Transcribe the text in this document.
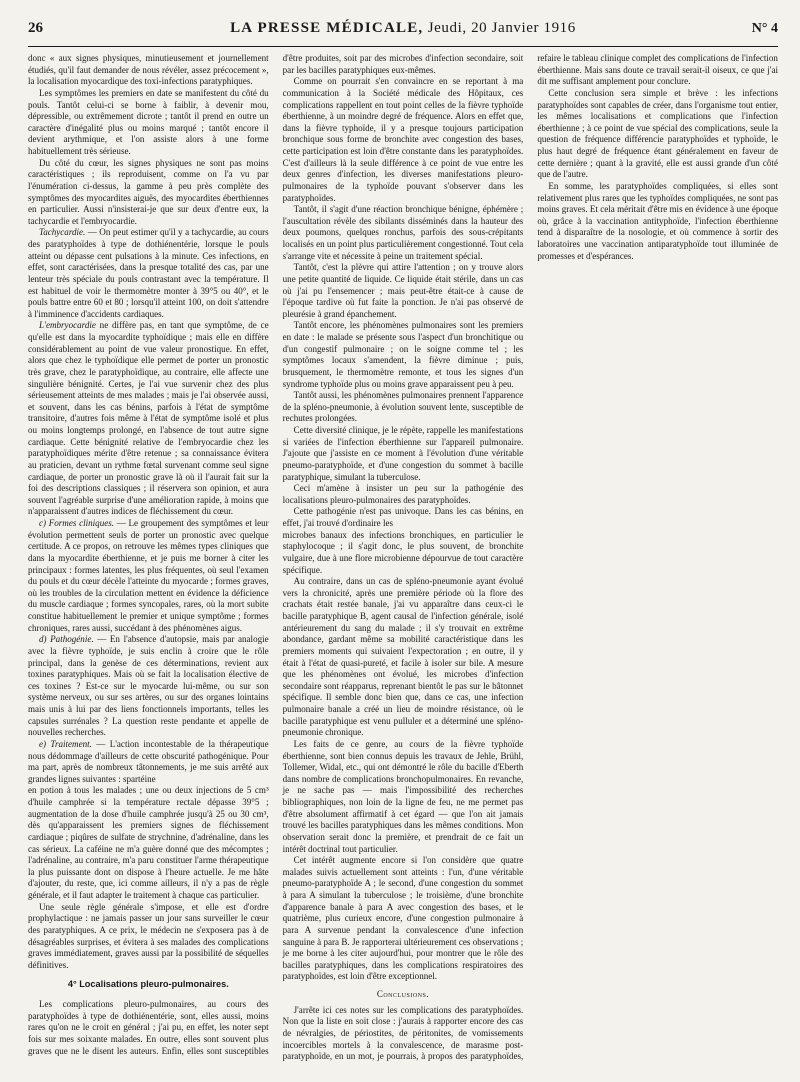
26	LA PRESSE MÉDICALE, Jeudi, 20 Janvier 1916	N° 4

donc « aux signes physiques, minutieusement et journellement étudiés, qu'il faut demander de nous révéler, assez précocement », la localisation myocardique des toxi-infections paratyphiques.

Les symptômes les premiers en date se manifestent du côté du pouls. Tantôt celui-ci se borne à faiblir, à devenir mou, dépressible, ou extrêmement dicrote ; tantôt il prend en outre un caractère d'inégalité plus ou moins marqué ; tantôt encore il devient arythmique, et l'on assiste alors à une forme habituellement très sérieuse.

Du côté du cœur, les signes physiques ne sont pas moins caractéristiques ; ils reproduisent, comme on l'a vu par l'énumération ci-dessus, la gamme à peu près complète des symptômes des myocardites aiguës, des myocardites éberthiennes en particulier. Aussi n'insisterai-je que sur deux d'entre eux, la tachycardie et l'embryocardie.

Tachycardie. — On peut estimer qu'il y a tachycardie, au cours des paratyphoïdes à type de dothiénentérie, lorsque le pouls atteint ou dépasse cent pulsations à la minute. Ces infections, en effet, sont caractérisées, dans la presque totalité des cas, par une lenteur très spéciale du pouls contrastant avec la température. Il est habituel de voir le thermomètre monter à 39°5 ou 40°, et le pouls battre entre 60 et 80 ; lorsqu'il atteint 100, on doit s'attendre à l'imminence d'accidents cardiaques.

L'embryocardie ne diffère pas, en tant que symptôme, de ce qu'elle est dans la myocardite typhoïdique ; mais elle en diffère considérablement au point de vue valeur pronostique. En effet, alors que chez le typhoïdique elle permet de porter un pronostic très grave, chez le paratyphoïdique, au contraire, elle affecte une singulière bénignité. Certes, je l'ai vue survenir chez des plus sérieusement atteints de mes malades ; mais je l'ai observée aussi, et souvent, dans les cas bénins, parfois à l'état de symptôme transitoire, d'autres fois même à l'état de symptôme isolé et plus ou moins longtemps prolongé, en l'absence de tout autre signe cardiaque. Cette bénignité relative de l'embryocardie chez les paratyphoïdiques mérite d'être retenue ; sa connaissance évitera au praticien, devant un rythme fœtal survenant comme seul signe cardiaque, de porter un pronostic grave là où il l'aurait fait sur la foi des descriptions classiques ; il réservera son opinion, et aura souvent l'agréable surprise d'une amélioration rapide, à moins que n'apparaissent d'autres indices de fléchissement du cœur.

c) Formes cliniques. — Le groupement des symptômes et leur évolution permettent seuls de porter un pronostic avec quelque certitude. A ce propos, on retrouve les mêmes types cliniques que dans la myocardite éberthienne, et je puis me borner à citer les principaux : formes latentes, les plus fréquentes, où seul l'examen du pouls et du cœur décèle l'atteinte du myocarde ; formes graves, où les troubles de la circulation mettent en évidence la déficience du muscle cardiaque ; formes syncopales, rares, où la mort subite constitue habituellement le premier et unique symptôme ; formes chroniques, rares aussi, succédant à des phénomènes aigus.

d) Pathogénie. — En l'absence d'autopsie, mais par analogie avec la fièvre typhoïde, je suis enclin à croire que le rôle principal, dans la genèse de ces déterminations, revient aux toxines paratyphiques. Mais où se fait la localisation élective de ces toxines ? Est-ce sur le myocarde lui-même, ou sur son système nerveux, ou sur ses artères, ou sur des organes lointains mais unis à lui par des liens fonctionnels importants, telles les capsules surrénales ? La question reste pendante et appelle de nouvelles recherches.

e) Traitement. — L'action incontestable de la thérapeutique nous dédommage d'ailleurs de cette obscurité pathogénique. Pour ma part, après de nombreux tâtonnements, je me suis arrêté aux grandes lignes suivantes : spartéine

en potion à tous les malades ; une ou deux injections de 5 cm³ d'huile camphrée si la température rectale dépasse 39°5 ; augmentation de la dose d'huile camphrée jusqu'à 25 ou 30 cm³, dès qu'apparaissent les premiers signes de fléchissement cardiaque ; piqûres de sulfate de strychnine, d'adrénaline, dans les cas sérieux. La caféine ne m'a guère donné que des mécomptes ; l'adrénaline, au contraire, m'a paru constituer l'arme thérapeutique la plus puissante dont on dispose à l'heure actuelle. Je me hâte d'ajouter, du reste, que, ici comme ailleurs, il n'y a pas de règle générale, et il faut adapter le traitement à chaque cas particulier.

Une seule règle générale s'impose, et elle est d'ordre prophylactique : ne jamais passer un jour sans surveiller le cœur des paratyphiques. A ce prix, le médecin ne s'exposera pas à de désagréables surprises, et évitera à ses malades des complications graves immédiatement, graves aussi par la possibilité de séquelles définitives.

4° Localisations pleuro-pulmonaires.

Les complications pleuro-pulmonaires, au cours des paratyphoïdes à type de dothiénentérie, sont, elles aussi, moins rares qu'on ne le croit en général ; j'ai pu, en effet, les noter sept fois sur mes soixante malades. En outre, elles sont souvent plus graves que ne le disent les auteurs. Enfin, elles sont susceptibles d'être produites, soit par des microbes d'infection secondaire, soit par les bacilles paratyphiques eux-mêmes.

Comme on pourrait s'en convaincre en se reportant à ma communication à la Société médicale des Hôpitaux, ces complications rappellent en tout point celles de la fièvre typhoïde éberthienne, à un moindre degré de fréquence. Alors en effet que, dans la fièvre typhoïde, il y a presque toujours participation bronchique sous forme de bronchite avec congestion des bases, cette participation est loin d'être constante dans les paratyphoïdes. C'est d'ailleurs là la seule différence à ce point de vue entre les deux genres d'infection, les diverses manifestations pleuro-pulmonaires de la typhoïde pouvant s'observer dans les paratyphoïdes.

Tantôt, il s'agit d'une réaction bronchique bénigne, éphémère ; l'auscultation révèle des sibilants disséminés dans la hauteur des deux poumons, quelques ronchus, parfois des sous-crépitants localisés en un point plus particulièrement congestionné. Tout cela s'arrange vite et nécessite à peine un traitement spécial.

Tantôt, c'est la plèvre qui attire l'attention ; on y trouve alors une petite quantité de liquide. Ce liquide était stérile, dans un cas où j'ai pu l'ensemencer ; mais peut-être était-ce à cause de l'époque tardive où fut faite la ponction. Je n'ai pas observé de pleurésie à grand épanchement.

Tantôt encore, les phénomènes pulmonaires sont les premiers en date : le malade se présente sous l'aspect d'un bronchitique ou d'un congestif pulmonaire ; on le soigne comme tel ; les symptômes locaux s'amendent, la fièvre diminue ; puis, brusquement, le thermomètre remonte, et tous les signes d'un syndrome typhoïde plus ou moins grave apparaissent peu à peu.

Tantôt aussi, les phénomènes pulmonaires prennent l'apparence de la spléno-pneumonie, à évolution souvent lente, susceptible de rechutes prolongées.

Cette diversité clinique, je le répète, rappelle les manifestations si variées de l'infection éberthienne sur l'appareil pulmonaire. J'ajoute que j'assiste en ce moment à l'évolution d'une véritable pneumo-paratyphoïde, et d'une congestion du sommet à bacille paratyphique, simulant la tuberculose.

Ceci m'amène à insister un peu sur la pathogénie des localisations pleuro-pulmonaires des paratyphoïdes.

Cette pathogénie n'est pas univoque. Dans les cas bénins, en effet, j'ai trouvé d'ordinaire les

microbes banaux des infections bronchiques, en particulier le staphylocoque ; il s'agit donc, le plus souvent, de bronchite vulgaire, due à une flore microbienne dépourvue de tout caractère spécifique.

Au contraire, dans un cas de spléno-pneumonie ayant évolué vers la chronicité, après une première période où la flore des crachats était restée banale, j'ai vu apparaître dans ceux-ci le bacille paratyphique B, agent causal de l'infection générale, isolé antérieurement du sang du malade ; il s'y trouvait en extrême abondance, gardant même sa mobilité caractéristique dans les premiers moments qui suivaient l'expectoration ; en outre, il y était à l'état de quasi-pureté, et facile à isoler sur bile. A mesure que les phénomènes ont évolué, les microbes d'infection secondaire sont réapparus, reprenant bientôt le pas sur le bâtonnet spécifique. Il semble donc bien que, dans ce cas, une infection pulmonaire banale a créé un lieu de moindre résistance, où le bacille paratyphique est venu pulluler et a déterminé une spléno-pneumonie chronique.

Les faits de ce genre, au cours de la fièvre typhoïde éberthienne, sont bien connus depuis les travaux de Jehle, Brühl, Tollemer, Widal, etc., qui ont démontré le rôle du bacille d'Eberth dans nombre de complications bronchopulmonaires. En revanche, je ne sache pas — mais l'impossibilité des recherches bibliographiques, non loin de la ligne de feu, ne me permet pas d'être absolument affirmatif à cet égard — que l'on ait jamais trouvé les bacilles paratyphiques dans les mêmes conditions. Mon observation serait donc la première, et prendrait de ce fait un intérêt doctrinal tout particulier.

Cet intérêt augmente encore si l'on considère que quatre malades suivis actuellement sont atteints : l'un, d'une véritable pneumo-paratyphoïde A ; le second, d'une congestion du sommet à para A simulant la tuberculose ; le troisième, d'une bronchite d'apparence banale à para A avec congestion des bases, et le quatrième, plus curieux encore, d'une congestion pulmonaire à para A survenue pendant la convalescence d'une infection sanguine à para B. Je rapporterai ultérieurement ces observations ; je me borne à les citer aujourd'hui, pour montrer que le rôle des bacilles paratyphiques, dans les complications respiratoires des paratyphoïdes, est loin d'être exceptionnel.

Conclusions.

J'arrête ici ces notes sur les complications des paratyphoïdes. Non que la liste en soit close : j'aurais à rapporter encore des cas de névralgies, de périostites, de péritonites, de vomissements incoercibles mortels à la convalescence, de marasme post-paratyphoïde, en un mot, je pourrais, à propos des paratyphoïdes, refaire le tableau clinique complet des complications de l'infection éberthienne. Mais sans doute ce travail serait-il oiseux, ce que j'ai dit me suffisant amplement pour conclure.

Cette conclusion sera simple et brève : les infections paratyphoïdes sont capables de créer, dans l'organisme tout entier, les mêmes localisations et complications que l'infection éberthienne ; à ce point de vue spécial des complications, seule la question de fréquence différencie paratyphoïdes et typhoïde, le plus haut degré de fréquence étant généralement en faveur de cette dernière ; quant à la gravité, elle est aussi grande d'un côté que de l'autre.

En somme, les paratyphoïdes compliquées, si elles sont relativement plus rares que les typhoïdes compliquées, ne sont pas moins graves. Et cela méritait d'être mis en évidence à une époque où, grâce à la vaccination antityphoïde, l'infection éberthienne tend à disparaître de la nosologie, et où commence à sortir des laboratoires une vaccination antiparatyphoïde tout illuminée de promesses et d'espérances.
